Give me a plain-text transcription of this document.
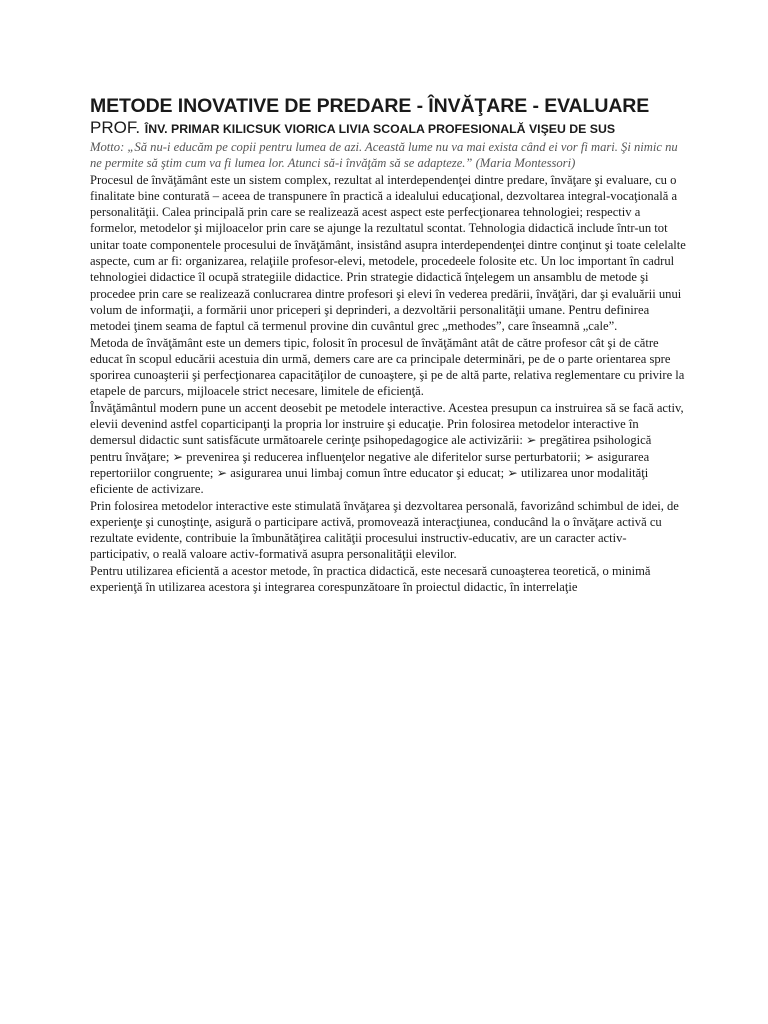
METODE INOVATIVE DE PREDARE - ÎNVĂŢARE - EVALUARE
PROF. ÎNV. PRIMAR KILICSUK VIORICA LIVIA SCOALA PROFESIONALĂ VIŞEU DE SUS

Motto: „Să nu-i educăm pe copii pentru lumea de azi. Această lume nu va mai exista când ei vor fi mari. Şi nimic nu ne permite să ştim cum va fi lumea lor. Atunci să-i învăţăm să se adapteze.” (Maria Montessori)

Procesul de învăţământ este un sistem complex, rezultat al interdependenţei dintre predare, învăţare şi evaluare, cu o finalitate bine conturată – aceea de transpunere în practică a idealului educaţional, dezvoltarea integral-vocaţională a personalităţii. Calea principală prin care se realizează acest aspect este perfecţionarea tehnologiei; respectiv a formelor, metodelor şi mijloacelor prin care se ajunge la rezultatul scontat. Tehnologia didactică include într-un tot unitar toate componentele procesului de învăţământ, insistând asupra interdependenţei dintre conţinut şi toate celelalte aspecte, cum ar fi: organizarea, relaţiile profesor-elevi, metodele, procedeele folosite etc. Un loc important în cadrul tehnologiei didactice îl ocupă strategiile didactice. Prin strategie didactică înţelegem un ansamblu de metode şi procedee prin care se realizează conlucrarea dintre profesori şi elevi în vederea predării, învăţări, dar şi evaluării unui volum de informaţii, a formării unor priceperi şi deprinderi, a dezvoltării personalităţii umane. Pentru definirea metodei ţinem seama de faptul că termenul provine din cuvântul grec „methodes”, care înseamnă „cale”.

Metoda de învăţământ este un demers tipic, folosit în procesul de învăţământ atât de către profesor cât şi de către educat în scopul educării acestuia din urmă, demers care are ca principale determinări, pe de o parte orientarea spre sporirea cunoaşterii şi perfecţionarea capacităţilor de cunoaştere, şi pe de altă parte, relativa reglementare cu privire la etapele de parcurs, mijloacele strict necesare, limitele de eficienţă.

Învăţământul modern pune un accent deosebit pe metodele interactive. Acestea presupun ca instruirea să se facă activ, elevii devenind astfel coparticipanţi la propria lor instruire şi educaţie. Prin folosirea metodelor interactive în demersul didactic sunt satisfăcute următoarele cerinţe psihopedagogice ale activizării: ➢ pregătirea psihologică pentru învăţare; ➢ prevenirea şi reducerea influenţelor negative ale diferitelor surse perturbatorii; ➢ asigurarea repertoriilor congruente; ➢ asigurarea unui limbaj comun între educator şi educat; ➢ utilizarea unor modalităţi eficiente de activizare.

Prin folosirea metodelor interactive este stimulată învăţarea şi dezvoltarea personală, favorizând schimbul de idei, de experienţe şi cunoştinţe, asigură o participare activă, promovează interacţiunea, conducând la o învăţare activă cu rezultate evidente, contribuie la îmbunătăţirea calităţii procesului instructiv-educativ, are un caracter activ-participativ, o reală valoare activ-formativă asupra personalităţii elevilor.

Pentru utilizarea eficientă a acestor metode, în practica didactică, este necesară cunoaşterea teoretică, o minimă experienţă în utilizarea acestora şi integrarea corespunzătoare în proiectul didactic, în interrelaţie
